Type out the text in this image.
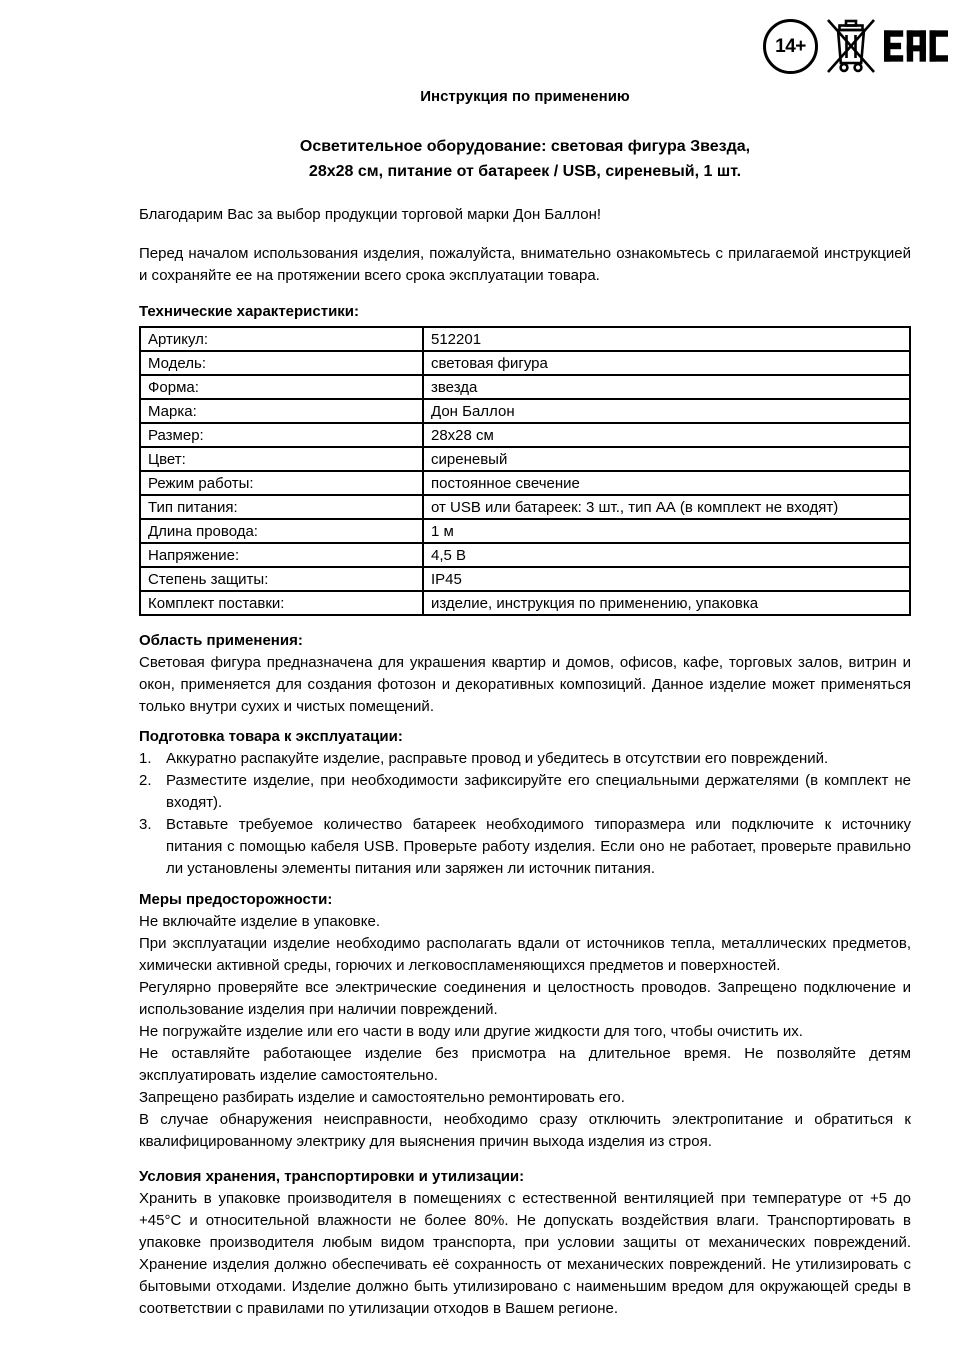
14+
Инструкция по применению
Осветительное оборудование: световая фигура Звезда,
28х28 см, питание от батареек / USB, сиреневый, 1 шт.

Благодарим Вас за выбор продукции торговой марки Дон Баллон!

Перед началом использования изделия, пожалуйста, внимательно ознакомьтесь с прилагаемой инструкцией и сохраняйте ее на протяжении всего срока эксплуатации товара.

Технические характеристики:
Артикул:	512201
Модель:	световая фигура
Форма:	звезда
Марка:	Дон Баллон
Размер:	28х28 см
Цвет:	сиреневый
Режим работы:	постоянное свечение
Тип питания:	от USB или батареек: 3 шт., тип АА (в комплект не входят)
Длина провода:	1 м
Напряжение:	4,5 В
Степень защиты:	IP45
Комплект поставки:	изделие, инструкция по применению, упаковка
Область применения:

Световая фигура предназначена для украшения квартир и домов, офисов, кафе, торговых залов, витрин и окон, применяется для создания фотозон и декоративных композиций. Данное изделие может применяться только внутри сухих и чистых помещений.

Подготовка товара к эксплуатации:
1. Аккуратно распакуйте изделие, расправьте провод и убедитесь в отсутствии его повреждений.
2. Разместите изделие, при необходимости зафиксируйте его специальными держателями (в комплект не входят).
3. Вставьте требуемое количество батареек необходимого типоразмера или подключите к источнику питания с помощью кабеля USB. Проверьте работу изделия. Если оно не работает, проверьте правильно ли установлены элементы питания или заряжен ли источник питания.
Меры предосторожности:

Не включайте изделие в упаковке.

При эксплуатации изделие необходимо располагать вдали от источников тепла, металлических предметов, химически активной среды, горючих и легковоспламеняющихся предметов и поверхностей.

Регулярно проверяйте все электрические соединения и целостность проводов. Запрещено подключение и использование изделия при наличии повреждений.

Не погружайте изделие или его части в воду или другие жидкости для того, чтобы очистить их.

Не оставляйте работающее изделие без присмотра на длительное время. Не позволяйте детям эксплуатировать изделие самостоятельно.

Запрещено разбирать изделие и самостоятельно ремонтировать его.

В случае обнаружения неисправности, необходимо сразу отключить электропитание и обратиться к квалифицированному электрику для выяснения причин выхода изделия из строя.

Условия хранения, транспортировки и утилизации:

Хранить в упаковке производителя в помещениях с естественной вентиляцией при температуре от +5 до +45°С и относительной влажности не более 80%. Не допускать воздействия влаги. Транспортировать в упаковке производителя любым видом транспорта, при условии защиты от механических повреждений. Хранение изделия должно обеспечивать её сохранность от механических повреждений. Не утилизировать с бытовыми отходами. Изделие должно быть утилизировано с наименьшим вредом для окружающей среды в соответствии с правилами по утилизации отходов в Вашем регионе.
